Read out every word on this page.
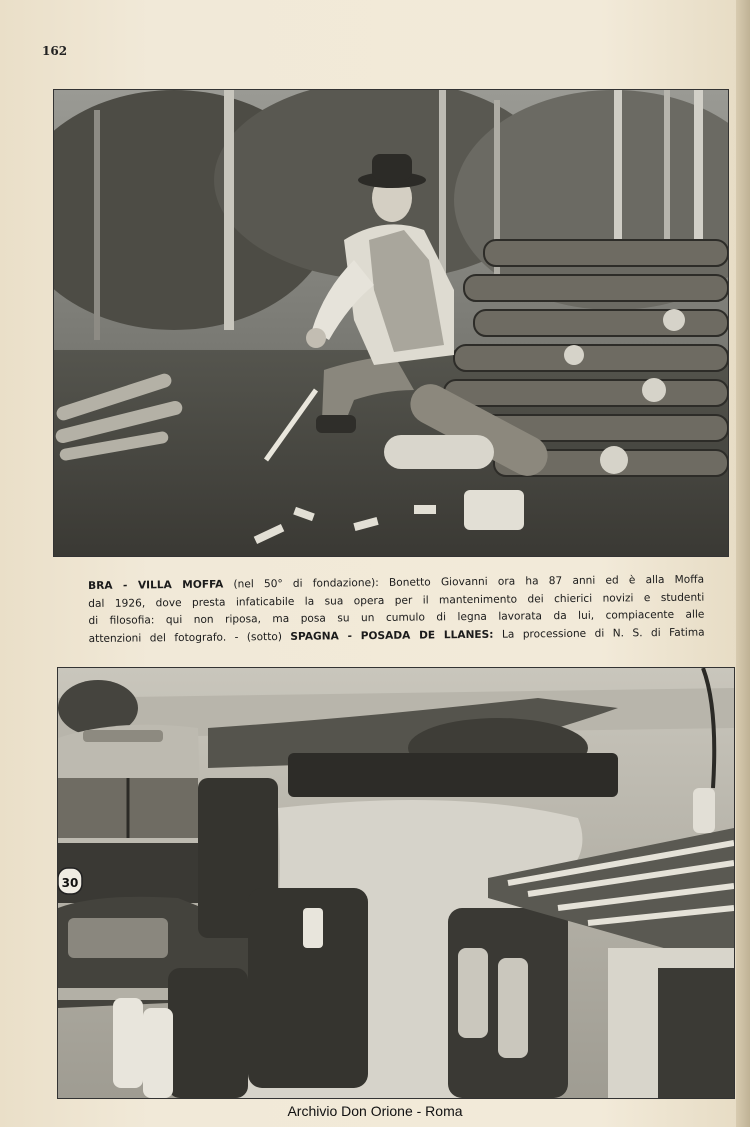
162
BRA - VILLA MOFFA (nel 50° di fondazione): Bonetto Giovanni ora ha 87 anni ed è alla Moffa
dal 1926, dove presta infaticabile la sua opera per il mantenimento dei chierici novizi e studenti
di filosofia: qui non riposa, ma posa su un cumulo di legna lavorata da lui, compiacente alle
attenzioni del fotografo. - (sotto) SPAGNA - POSADA DE LLANES: La processione di N. S. di Fatima
30
Archivio Don Orione - Roma
